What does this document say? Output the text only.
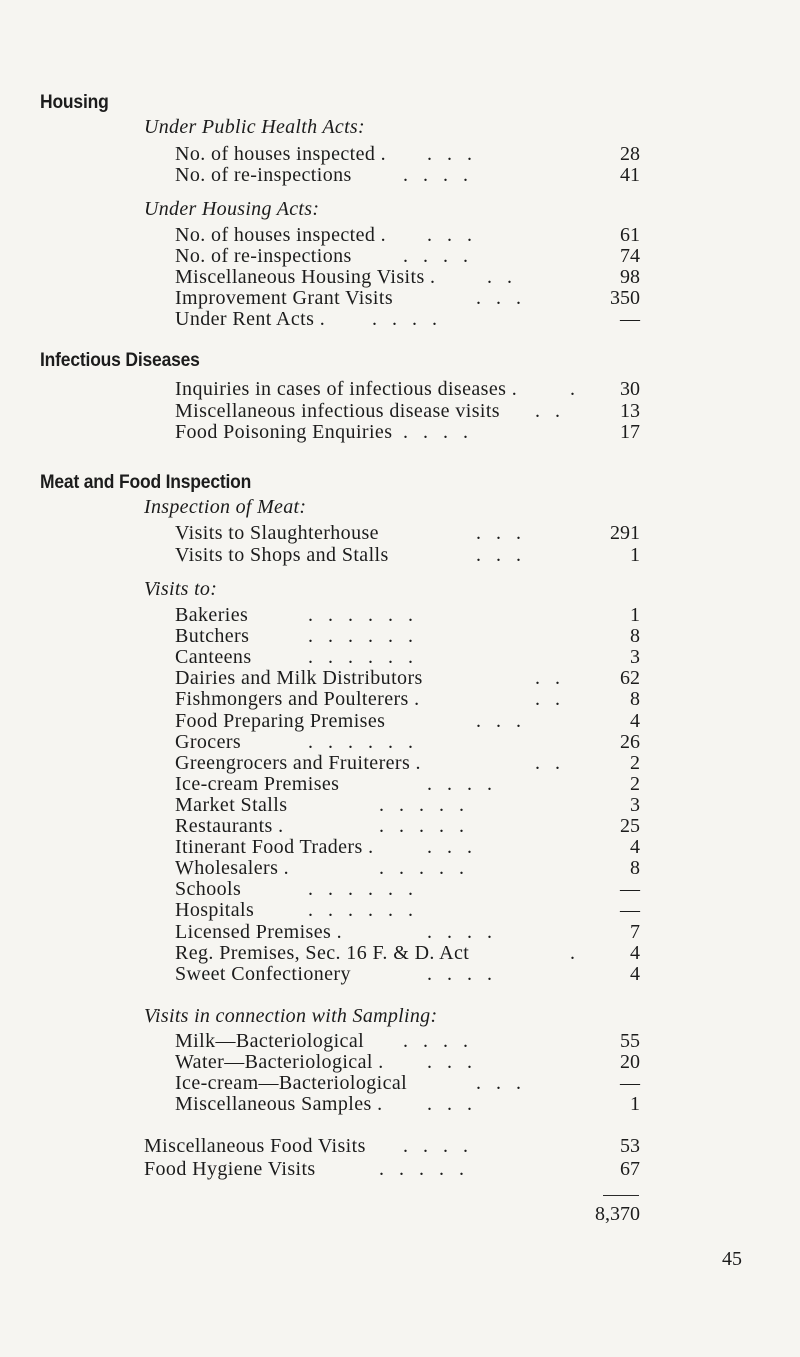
Housing
Under Public Health Acts:
No. of houses inspected . .   .   .	28
No. of re-inspections	.   .   .   .	41
Under Housing Acts:
No. of houses inspected . .   .   .	61
No. of re-inspections	.   .   .   .	74
Miscellaneous Housing Visits .	.   .	98
Improvement Grant Visits	.   .   .	350
Under Rent Acts . .   .   .   .	—
Infectious Diseases
Inquiries in cases of infectious diseases .	. 30
Miscellaneous infectious disease visits .   .	13
Food Poisoning Enquiries .   .   .   .	17
Meat and Food Inspection
Inspection of Meat:
Visits to Slaughterhouse	.   .   .	291
Visits to Shops and Stalls	.   .   .	1
Visits to:
Bakeries	.   .   .   .   .   .	1
Butchers	.   .   .   .   .   .	8
Canteens	.   .   .   .   .   .	3
Dairies and Milk Distributors	.   .	62
Fishmongers and Poulterers .	.   .	8
Food Preparing Premises	.   .   .	4
Grocers	.   .   .   .   .   .	26
Greengrocers and Fruiterers .	.   .	2
Ice-cream Premises	.   .   .   .	2
Market Stalls	.   .   .   .   .	3
Restaurants .	.   .   .   .   .	25
Itinerant Food Traders .	.   .   .	4
Wholesalers .	.   .   .   .   .	8
Schools	.   .   .   .   .   .	—
Hospitals	.   .   .   .   .   .	—
Licensed Premises .	.   .   .   .	7
Reg. Premises, Sec. 16 F. & D. Act	.	4
Sweet Confectionery	.   .   .   .	4
Visits in connection with Sampling:
Milk—Bacteriological .   .   .   .	55
Water—Bacteriological . .   .   .	20
Ice-cream—Bacteriological	.   .   .	—
Miscellaneous Samples . .   .   .	1
Miscellaneous Food Visits .   .   .   .	53
Food Hygiene Visits	.   .   .   .   .	67
8,370
45
